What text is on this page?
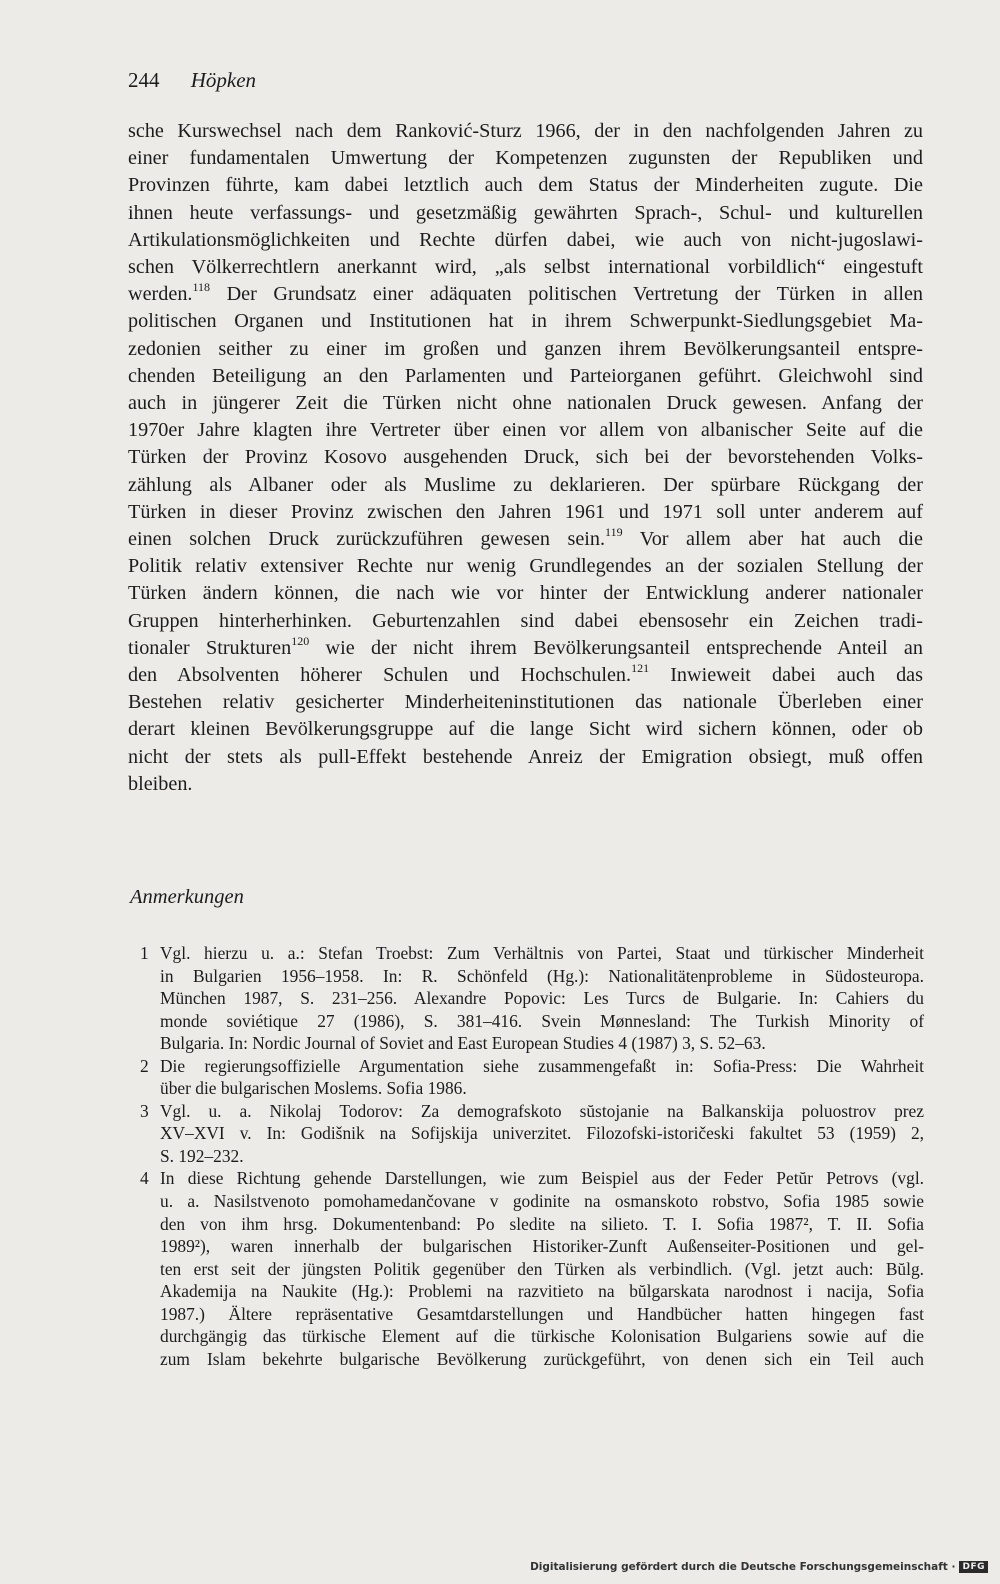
244 Höpken
sche Kurswechsel nach dem Ranković-Sturz 1966, der in den nachfolgenden Jahren zu
einer fundamentalen Umwertung der Kompetenzen zugunsten der Republiken und
Provinzen führte, kam dabei letztlich auch dem Status der Minderheiten zugute. Die
ihnen heute verfassungs- und gesetzmäßig gewährten Sprach-, Schul- und kulturellen
Artikulationsmöglichkeiten und Rechte dürfen dabei, wie auch von nicht-jugoslawi-
schen Völkerrechtlern anerkannt wird, „als selbst international vorbildlich“ eingestuft
werden.$^{118}$ Der Grundsatz einer adäquaten politischen Vertretung der Türken in allen
politischen Organen und Institutionen hat in ihrem Schwerpunkt-Siedlungsgebiet Ma-
zedonien seither zu einer im großen und ganzen ihrem Bevölkerungsanteil entspre-
chenden Beteiligung an den Parlamenten und Parteiorganen geführt. Gleichwohl sind
auch in jüngerer Zeit die Türken nicht ohne nationalen Druck gewesen. Anfang der
1970er Jahre klagten ihre Vertreter über einen vor allem von albanischer Seite auf die
Türken der Provinz Kosovo ausgehenden Druck, sich bei der bevorstehenden Volks-
zählung als Albaner oder als Muslime zu deklarieren. Der spürbare Rückgang der
Türken in dieser Provinz zwischen den Jahren 1961 und 1971 soll unter anderem auf
einen solchen Druck zurückzuführen gewesen sein.$^{119}$ Vor allem aber hat auch die
Politik relativ extensiver Rechte nur wenig Grundlegendes an der sozialen Stellung der
Türken ändern können, die nach wie vor hinter der Entwicklung anderer nationaler
Gruppen hinterherhinken. Geburtenzahlen sind dabei ebensosehr ein Zeichen tradi-
tionaler Strukturen$^{120}$ wie der nicht ihrem Bevölkerungsanteil entsprechende Anteil an
den Absolventen höherer Schulen und Hochschulen.$^{121}$ Inwieweit dabei auch das
Bestehen relativ gesicherter Minderheiteninstitutionen das nationale Überleben einer
derart kleinen Bevölkerungsgruppe auf die lange Sicht wird sichern können, oder ob
nicht der stets als pull-Effekt bestehende Anreiz der Emigration obsiegt, muß offen
bleiben.
Anmerkungen
1 Vgl. hierzu u. a.: Stefan Troebst: Zum Verhältnis von Partei, Staat und türkischer Minderheit
in Bulgarien 1956–1958. In: R. Schönfeld (Hg.): Nationalitätenprobleme in Südosteuropa.
München 1987, S. 231–256. Alexandre Popovic: Les Turcs de Bulgarie. In: Cahiers du
monde soviétique 27 (1986), S. 381–416. Svein Mønnesland: The Turkish Minority of
Bulgaria. In: Nordic Journal of Soviet and East European Studies 4 (1987) 3, S. 52–63.
2 Die regierungsoffizielle Argumentation siehe zusammengefaßt in: Sofia-Press: Die Wahrheit
über die bulgarischen Moslems. Sofia 1986.
3 Vgl. u. a. Nikolaj Todorov: Za demografskoto sŭstojanie na Balkanskija poluostrov prez
XV–XVI v. In: Godišnik na Sofijskija univerzitet. Filozofski-istoričeski fakultet 53 (1959) 2,
S. 192–232.
4 In diese Richtung gehende Darstellungen, wie zum Beispiel aus der Feder Petŭr Petrovs (vgl.
u. a. Nasilstvenoto pomohamedančovane v godinite na osmanskoto robstvo, Sofia 1985 sowie
den von ihm hrsg. Dokumentenband: Po sledite na silieto. T. I. Sofia 1987², T. II. Sofia
1989²), waren innerhalb der bulgarischen Historiker-Zunft Außenseiter-Positionen und gel-
ten erst seit der jüngsten Politik gegenüber den Türken als verbindlich. (Vgl. jetzt auch: Bŭlg.
Akademija na Naukite (Hg.): Problemi na razvitieto na bŭlgarskata narodnost i nacija, Sofia
1987.) Ältere repräsentative Gesamtdarstellungen und Handbücher hatten hingegen fast
durchgängig das türkische Element auf die türkische Kolonisation Bulgariens sowie auf die
zum Islam bekehrte bulgarische Bevölkerung zurückgeführt, von denen sich ein Teil auch
Digitalisierung gefördert durch die Deutsche Forschungsgemeinschaft · DFG
